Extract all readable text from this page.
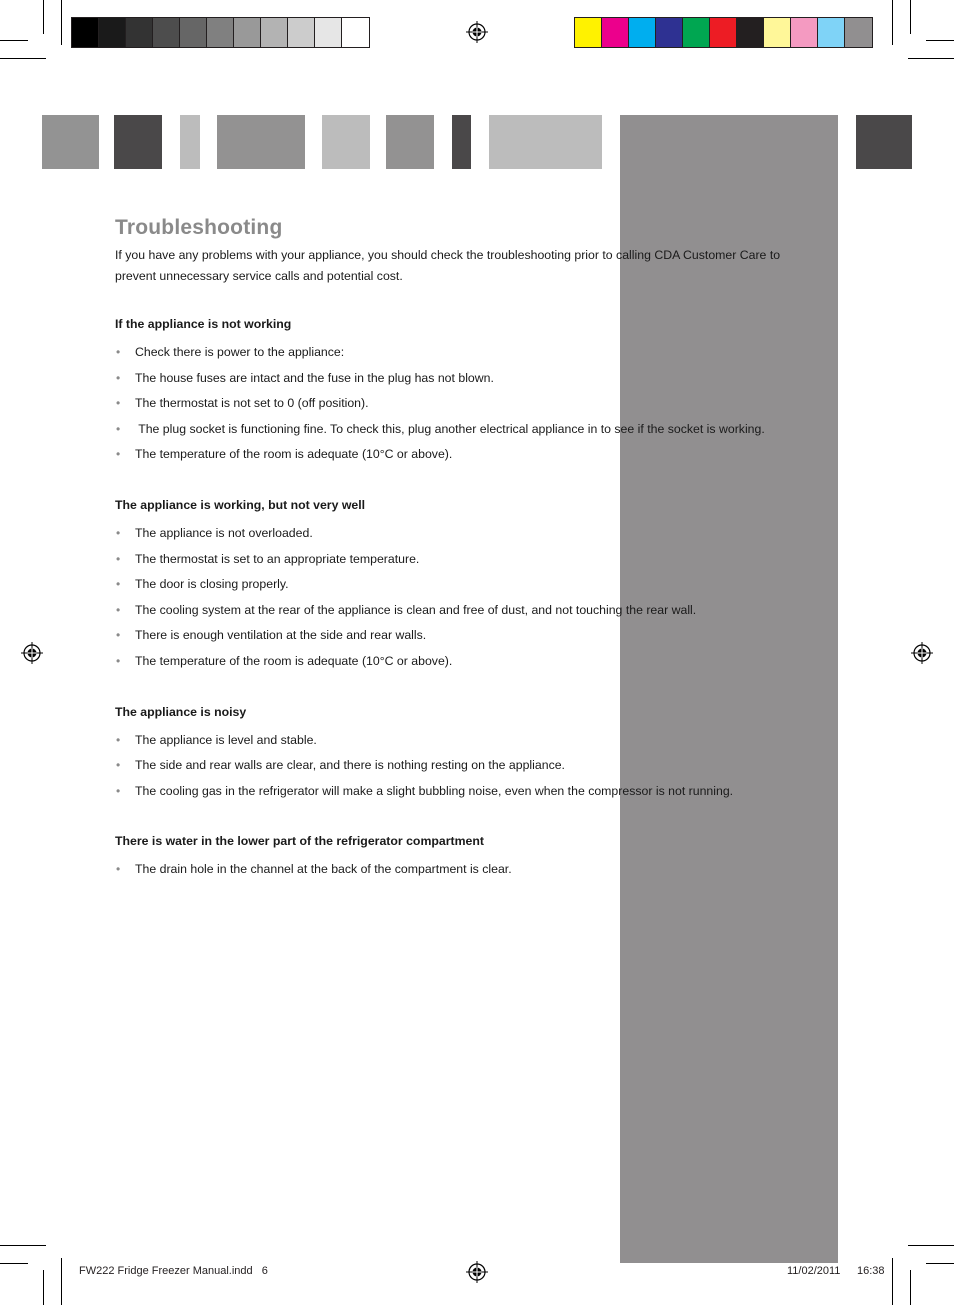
Troubleshooting

If you have any problems with your appliance, you should check the troubleshooting prior to calling CDA Customer Care to prevent unnecessary service calls and potential cost.

If the appliance is not working

• Check there is power to the appliance:
• The house fuses are intact and the fuse in the plug has not blown.
• The thermostat is not set to 0 (off position).
• The plug socket is functioning fine. To check this, plug another electrical appliance in to see if the socket is working.
• The temperature of the room is adequate (10°C or above).

The appliance is working, but not very well

• The appliance is not overloaded.
• The thermostat is set to an appropriate temperature.
• The door is closing properly.
• The cooling system at the rear of the appliance is clean and free of dust, and not touching the rear wall.
• There is enough ventilation at the side and rear walls.
• The temperature of the room is adequate (10°C or above).

The appliance is noisy

• The appliance is level and stable.
• The side and rear walls are clear, and there is nothing resting on the appliance.
• The cooling gas in the refrigerator will make a slight bubbling noise, even when the compressor is not running.

There is water in the lower part of the refrigerator compartment

• The drain hole in the channel at the back of the compartment is clear.
FW222 Fridge Freezer Manual.indd   6	11/02/2011 16:38
